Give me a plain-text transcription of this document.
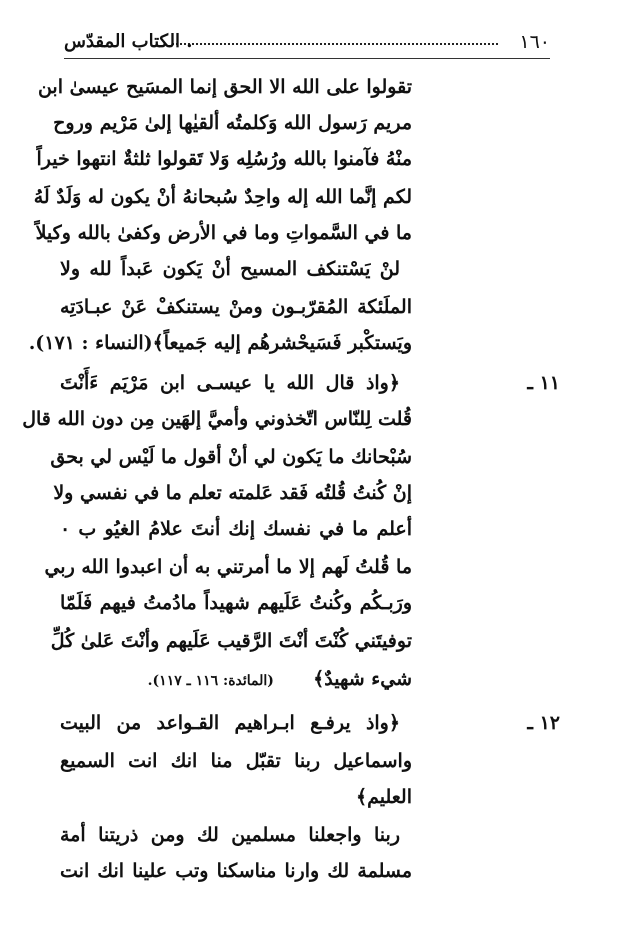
١٦٠
. الكتاب المقدّس
تقولوا على الله الا الحق إنما المسَيح عيسىٰ ابن
مريم رَسول الله وَكلمتُه ألقيٰها إلىٰ مَرْيم وروح
منْهُ فآمنوا بالله ورُسُلِه وَلا تَقولوا ثلثةٌ انتهوا خيراً
لكم إنَّما الله إله واحِدٌ سُبحانهُ أنْ يكون له وَلَدٌ لَهُ
ما في السَّمواتِ وما في الأرض وكفىٰ بالله وكيلاً
لنْ يَسْتنكف المسيح أنْ يَكون عَبداً لله ولا
الملَئكة المُقرّبـون ومنْ يستنكفْ عَنْ عبـادَتِه
ويَستكْبر فَسَيحْشرهُم إليه جَميعاً﴾(النساء : ١٧١).
١١ ـ
﴿واذ قال الله يا عيسـى ابن مَرْيَم ءَأَنْتَ
قُلت لِلنّاس اتّخذوني وأميَّ إلهَين مِن دون الله قال
سُبْحانك ما يَكون لي أنْ أقول ما لَيْس لي بحق
إنْ كُنتُ قُلتُه فَقد عَلمته تعلم ما في نفسي ولا
أعلم ما في نفسك إنك أنتَ علامُ الغيُو ب ٠
ما قُلتُ لَهم إلا ما أمرتني به أن اعبدوا الله ربي
ورَبـكُم وكُنتُ عَلَيهم شهيداً مادُمتُ فيهم فَلَمّا
توفيتَني كُنْتَ أنْتَ الرَّقيب عَلَيهم وأنْتَ عَلىٰ كُلِّ
شيء شهيدٌ﴾  (المائدة: ١١٦ ـ ١١٧).
١٢ ـ
﴿واذ يرفـع ابـراهيم القـواعد من البيت
واسماعيل ربنا تقبّل منا انك انت السميع
العليم﴾
ربنا واجعلنا مسلمين لك ومن ذريتنا أمة
مسلمة لك وارنا مناسكنا وتب علينا انك انت
